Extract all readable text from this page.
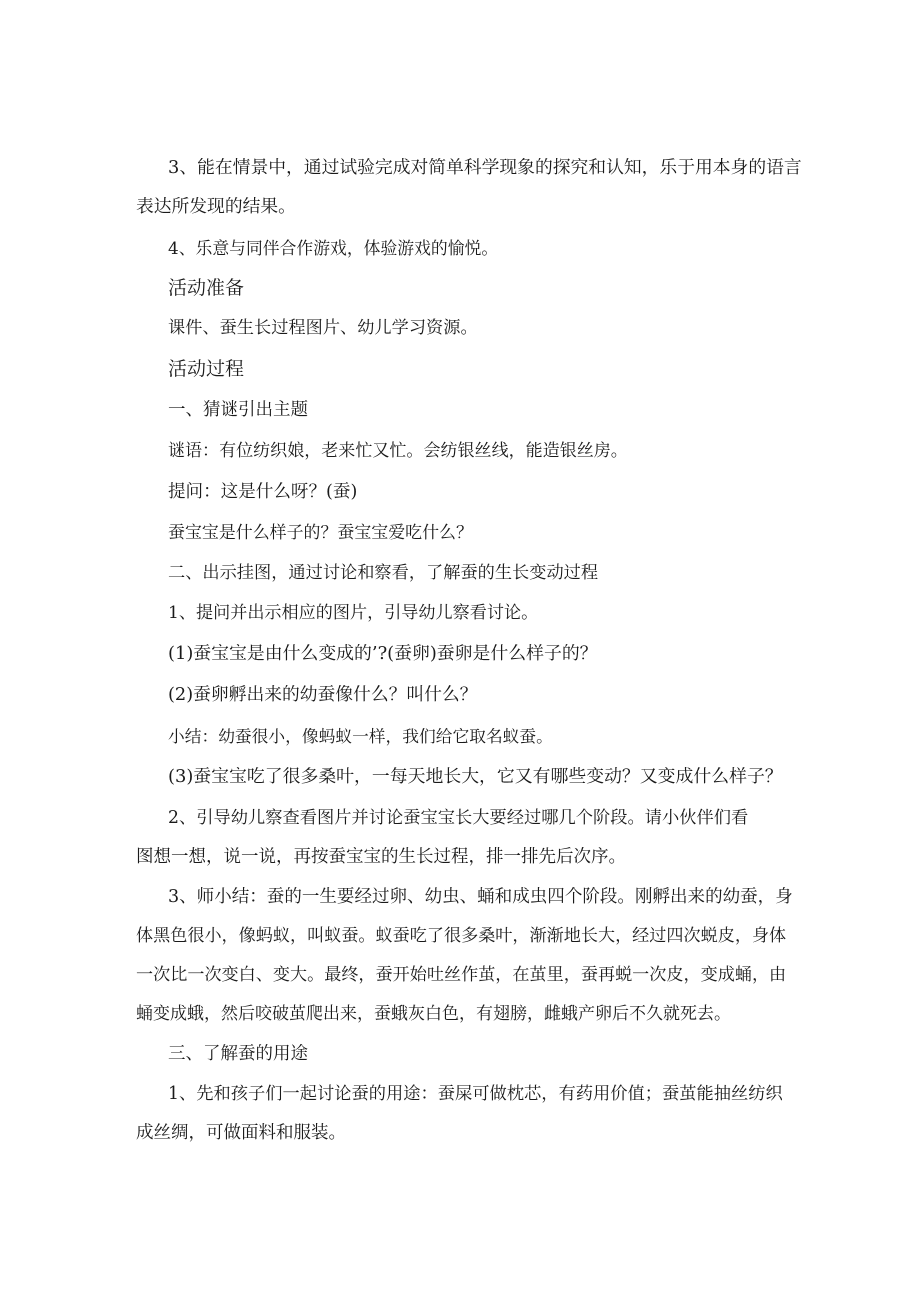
3、能在情景中，通过试验完成对简单科学现象的探究和认知，乐于用本身的语言
表达所发现的结果。
4、乐意与同伴合作游戏，体验游戏的愉悦。
活动准备
课件、蚕生长过程图片、幼儿学习资源。
活动过程
一、猜谜引出主题
谜语：有位纺织娘，老来忙又忙。会纺银丝线，能造银丝房。
提问：这是什么呀？(蚕)
蚕宝宝是什么样子的？蚕宝宝爱吃什么？
二、出示挂图，通过讨论和察看，了解蚕的生长变动过程
1、提问并出示相应的图片，引导幼儿察看讨论。
(1)蚕宝宝是由什么变成的’?(蚕卵)蚕卵是什么样子的？
(2)蚕卵孵出来的幼蚕像什么？叫什么？
小结：幼蚕很小，像蚂蚁一样，我们给它取名蚁蚕。
(3)蚕宝宝吃了很多桑叶，一每天地长大，它又有哪些变动？又变成什么样子？
2、引导幼儿察查看图片并讨论蚕宝宝长大要经过哪几个阶段。请小伙伴们看
图想一想，说一说，再按蚕宝宝的生长过程，排一排先后次序。
3、师小结：蚕的一生要经过卵、幼虫、蛹和成虫四个阶段。刚孵出来的幼蚕，身
体黑色很小，像蚂蚁，叫蚁蚕。蚁蚕吃了很多桑叶，渐渐地长大，经过四次蜕皮，身体
一次比一次变白、变大。最终，蚕开始吐丝作茧，在茧里，蚕再蜕一次皮，变成蛹，由
蛹变成蛾，然后咬破茧爬出来，蚕蛾灰白色，有翅膀，雌蛾产卵后不久就死去。
三、了解蚕的用途
1、先和孩子们一起讨论蚕的用途：蚕屎可做枕芯，有药用价值；蚕茧能抽丝纺织
成丝绸，可做面料和服装。
